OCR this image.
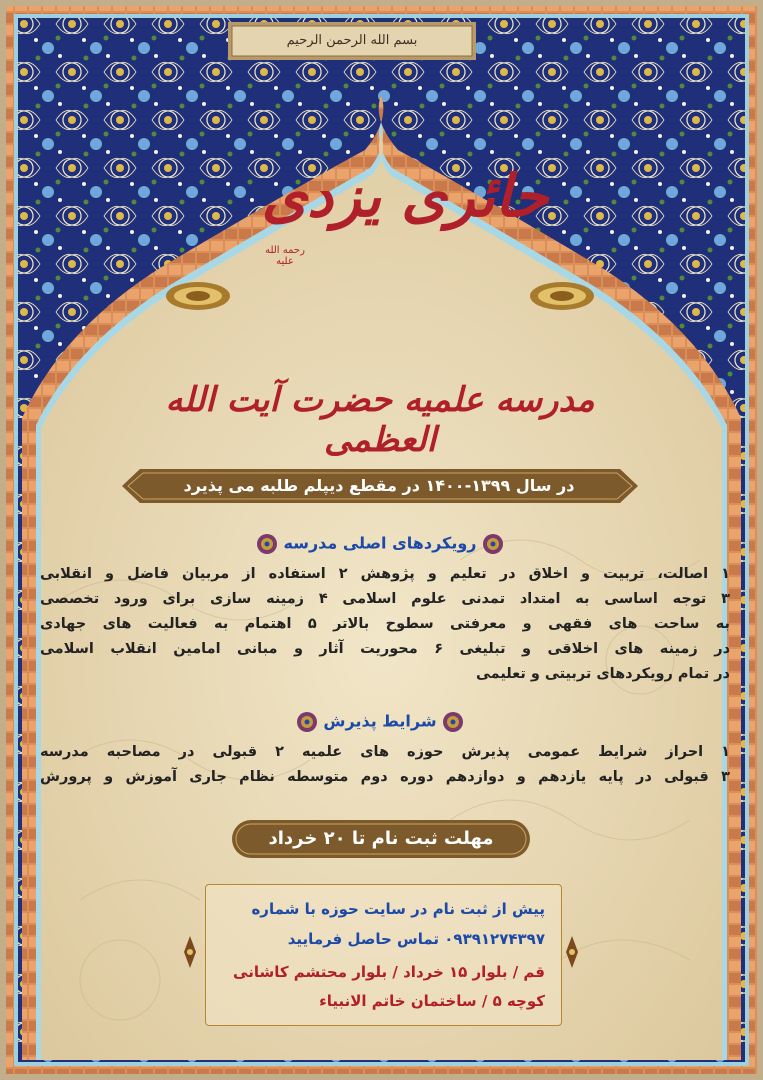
بسم الله الرحمن الرحیم
حائری یزدی
رحمه الله علیه
مدرسه علمیه حضرت آیت الله العظمی
در سال ۱۳۹۹-۱۴۰۰ در مقطع دیپلم طلبه می پذیرد
رویکردهای اصلی مدرسه
۱ اصالت، تربیت و اخلاق در تعلیم و پژوهش ۲ استفاده از مربیان فاضل و انقلابی
۳ توجه اساسی به امتداد تمدنی علوم اسلامی ۴ زمینه سازی برای ورود تخصصی
به ساحت های فقهی و معرفتی سطوح بالاتر ۵ اهتمام به فعالیت های جهادی
در زمینه های اخلاقی و تبلیغی ۶ محوریت آثار و مبانی امامین انقلاب اسلامی
در تمام رویکردهای تربیتی و تعلیمی
شرایط پذیرش
۱ احراز شرایط عمومی پذیرش حوزه های علمیه ۲ قبولی در مصاحبه مدرسه
۳ قبولی در پایه یازدهم و دوازدهم دوره دوم متوسطه نظام جاری آموزش و پرورش
مهلت ثبت نام تا ۲۰ خرداد
پیش از ثبت نام در سایت حوزه با شماره
۰۹۳۹۱۲۷۴۳۹۷ تماس حاصل فرمایید
قم / بلوار ۱۵ خرداد / بلوار محتشم کاشانی
کوچه ۵ / ساختمان خاتم الانبیاء
